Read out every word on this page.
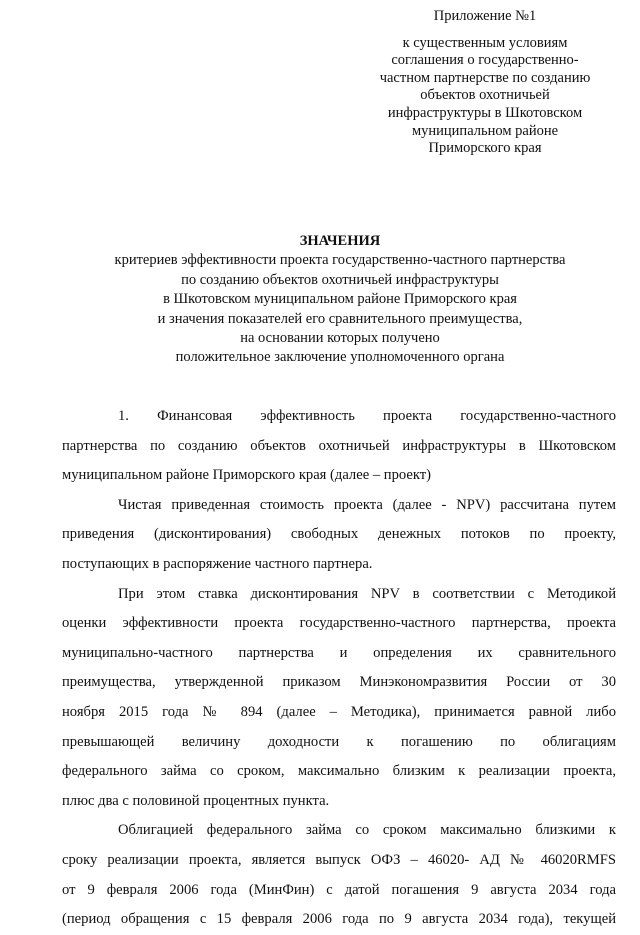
Приложение №1
к существенным условиям
соглашения о государственно-
частном партнерстве по созданию
объектов охотничьей
инфраструктуры в Шкотовском
муниципальном районе
Приморского края
ЗНАЧЕНИЯ
критериев эффективности проекта государственно-частного партнерства
по созданию объектов охотничьей инфраструктуры
в Шкотовском муниципальном районе Приморского края
и значения показателей его сравнительного преимущества,
на основании которых получено
положительное заключение уполномоченного органа

1. Финансовая эффективность проекта государственно-частного
партнерства по созданию объектов охотничьей инфраструктуры в Шкотовском
муниципальном районе Приморского края (далее – проект)

Чистая приведенная стоимость проекта (далее - NPV) рассчитана путем
приведения (дисконтирования) свободных денежных потоков по проекту,
поступающих в распоряжение частного партнера.

При этом ставка дисконтирования NPV в соответствии с Методикой
оценки эффективности проекта государственно-частного партнерства, проекта
муниципально-частного партнерства и определения их сравнительного
преимущества, утвержденной приказом Минэкономразвития России от 30
ноября 2015 года № 894 (далее – Методика), принимается равной либо
превышающей величину доходности к погашению по облигациям
федерального займа со сроком, максимально близким к реализации проекта,
плюс два с половиной процентных пункта.

Облигацией федерального займа со сроком максимально близкими к
сроку реализации проекта, является выпуск ОФЗ – 46020- АД № 46020RMFS
от 9 февраля 2006 года (МинФин) с датой погашения 9 августа 2034 года
(период обращения с 15 февраля 2006 года по 9 августа 2034 года), текущей
